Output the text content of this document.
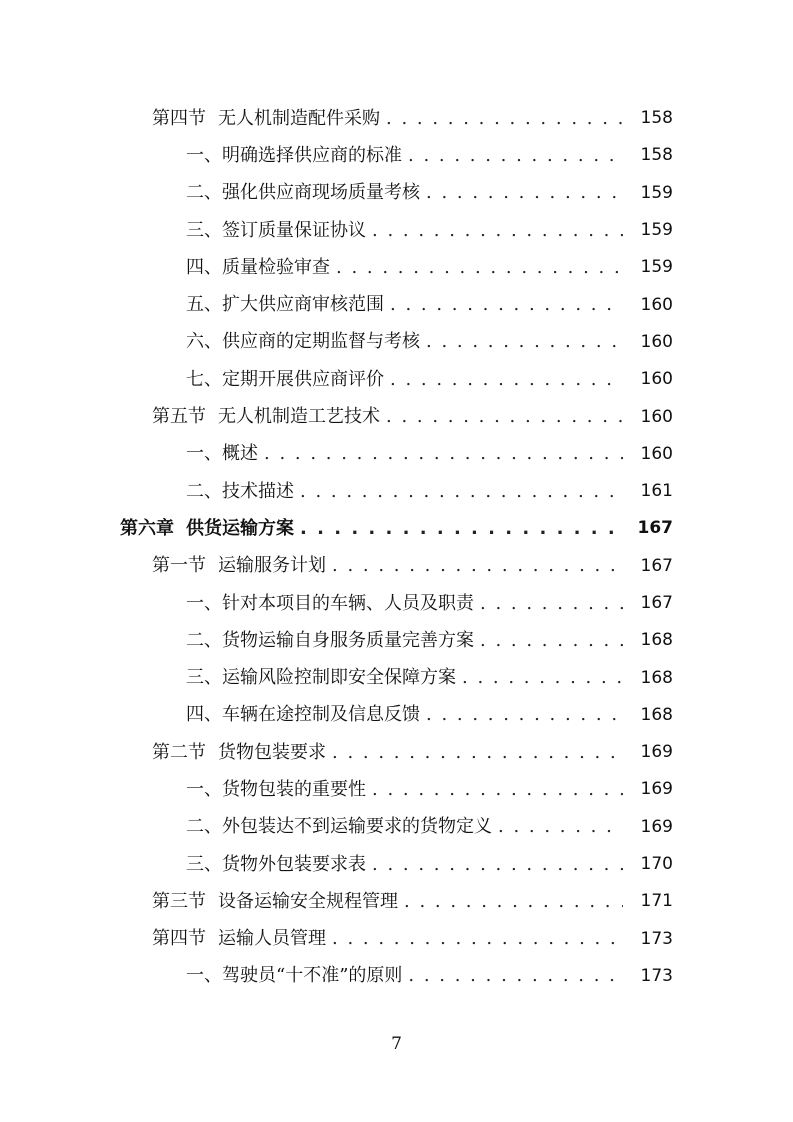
第四节 无人机制造配件采购 . . .	158
一、 明确选择供应商的标准 . . .	158
二、 强化供应商现场质量考核 . . .	159
三、 签订质量保证协议 . . .	159
四、 质量检验审查 . . .	159
五、 扩大供应商审核范围 . . .	160
六、 供应商的定期监督与考核 . . .	160
七、 定期开展供应商评价 . . .	160
第五节 无人机制造工艺技术 . . .	160
一、 概述 . . .	160
二、 技术描述 . . .	161
第六章 供货运输方案 . . .	167
第一节 运输服务计划 . . .	167
一、 针对本项目的车辆、人员及职责 . . .	167
二、 货物运输自身服务质量完善方案 . . .	168
三、 运输风险控制即安全保障方案 . . .	168
四、 车辆在途控制及信息反馈 . . .	168
第二节 货物包装要求 . . .	169
一、 货物包装的重要性 . . .	169
二、 外包装达不到运输要求的货物定义 . . .	169
三、 货物外包装要求表 . . .	170
第三节 设备运输安全规程管理 . . .	171
第四节 运输人员管理 . . .	173
一、 驾驶员“十不准”的原则 . . .	173
7
